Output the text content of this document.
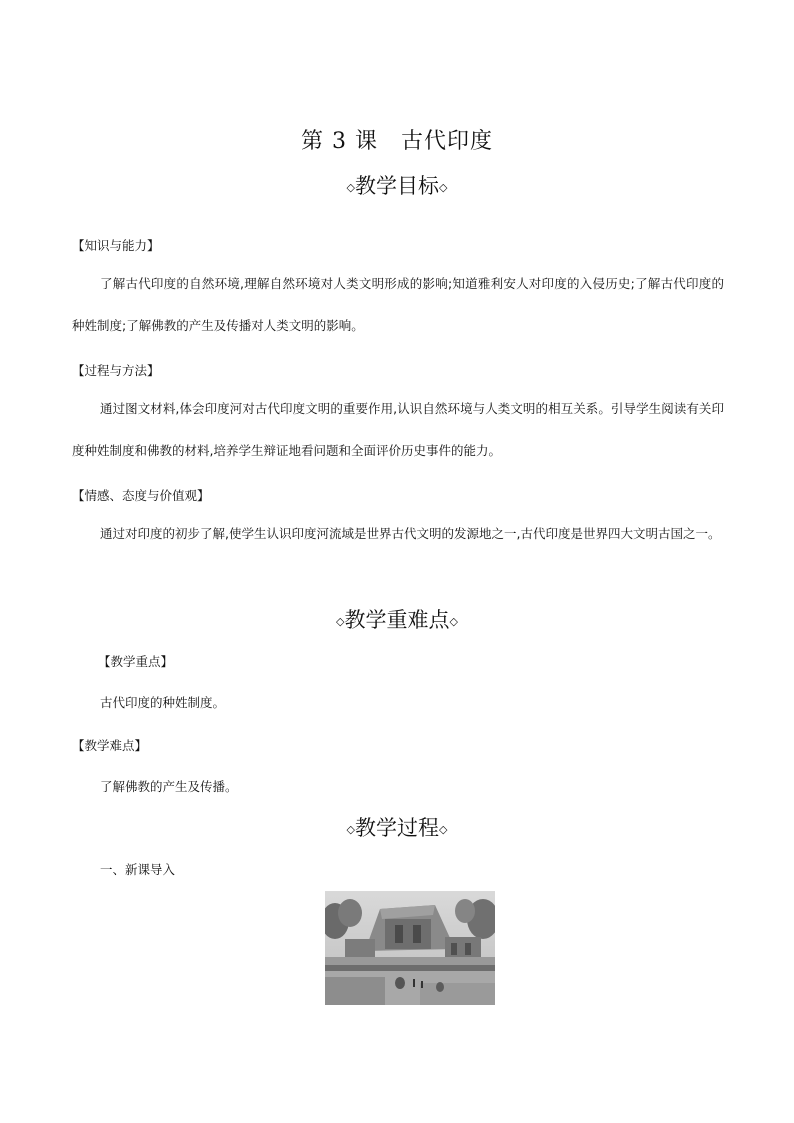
第 3 课　古代印度
◇教学目标◇
【知识与能力】
了解古代印度的自然环境,理解自然环境对人类文明形成的影响;知道雅利安人对印度的入侵历史;了解古代印度的种姓制度;了解佛教的产生及传播对人类文明的影响。
【过程与方法】
通过图文材料,体会印度河对古代印度文明的重要作用,认识自然环境与人类文明的相互关系。引导学生阅读有关印度种姓制度和佛教的材料,培养学生辩证地看问题和全面评价历史事件的能力。
【情感、态度与价值观】
通过对印度的初步了解,使学生认识印度河流域是世界古代文明的发源地之一,古代印度是世界四大文明古国之一。
◇教学重难点◇
【教学重点】
古代印度的种姓制度。
【教学难点】
了解佛教的产生及传播。
◇教学过程◇
一、新课导入
